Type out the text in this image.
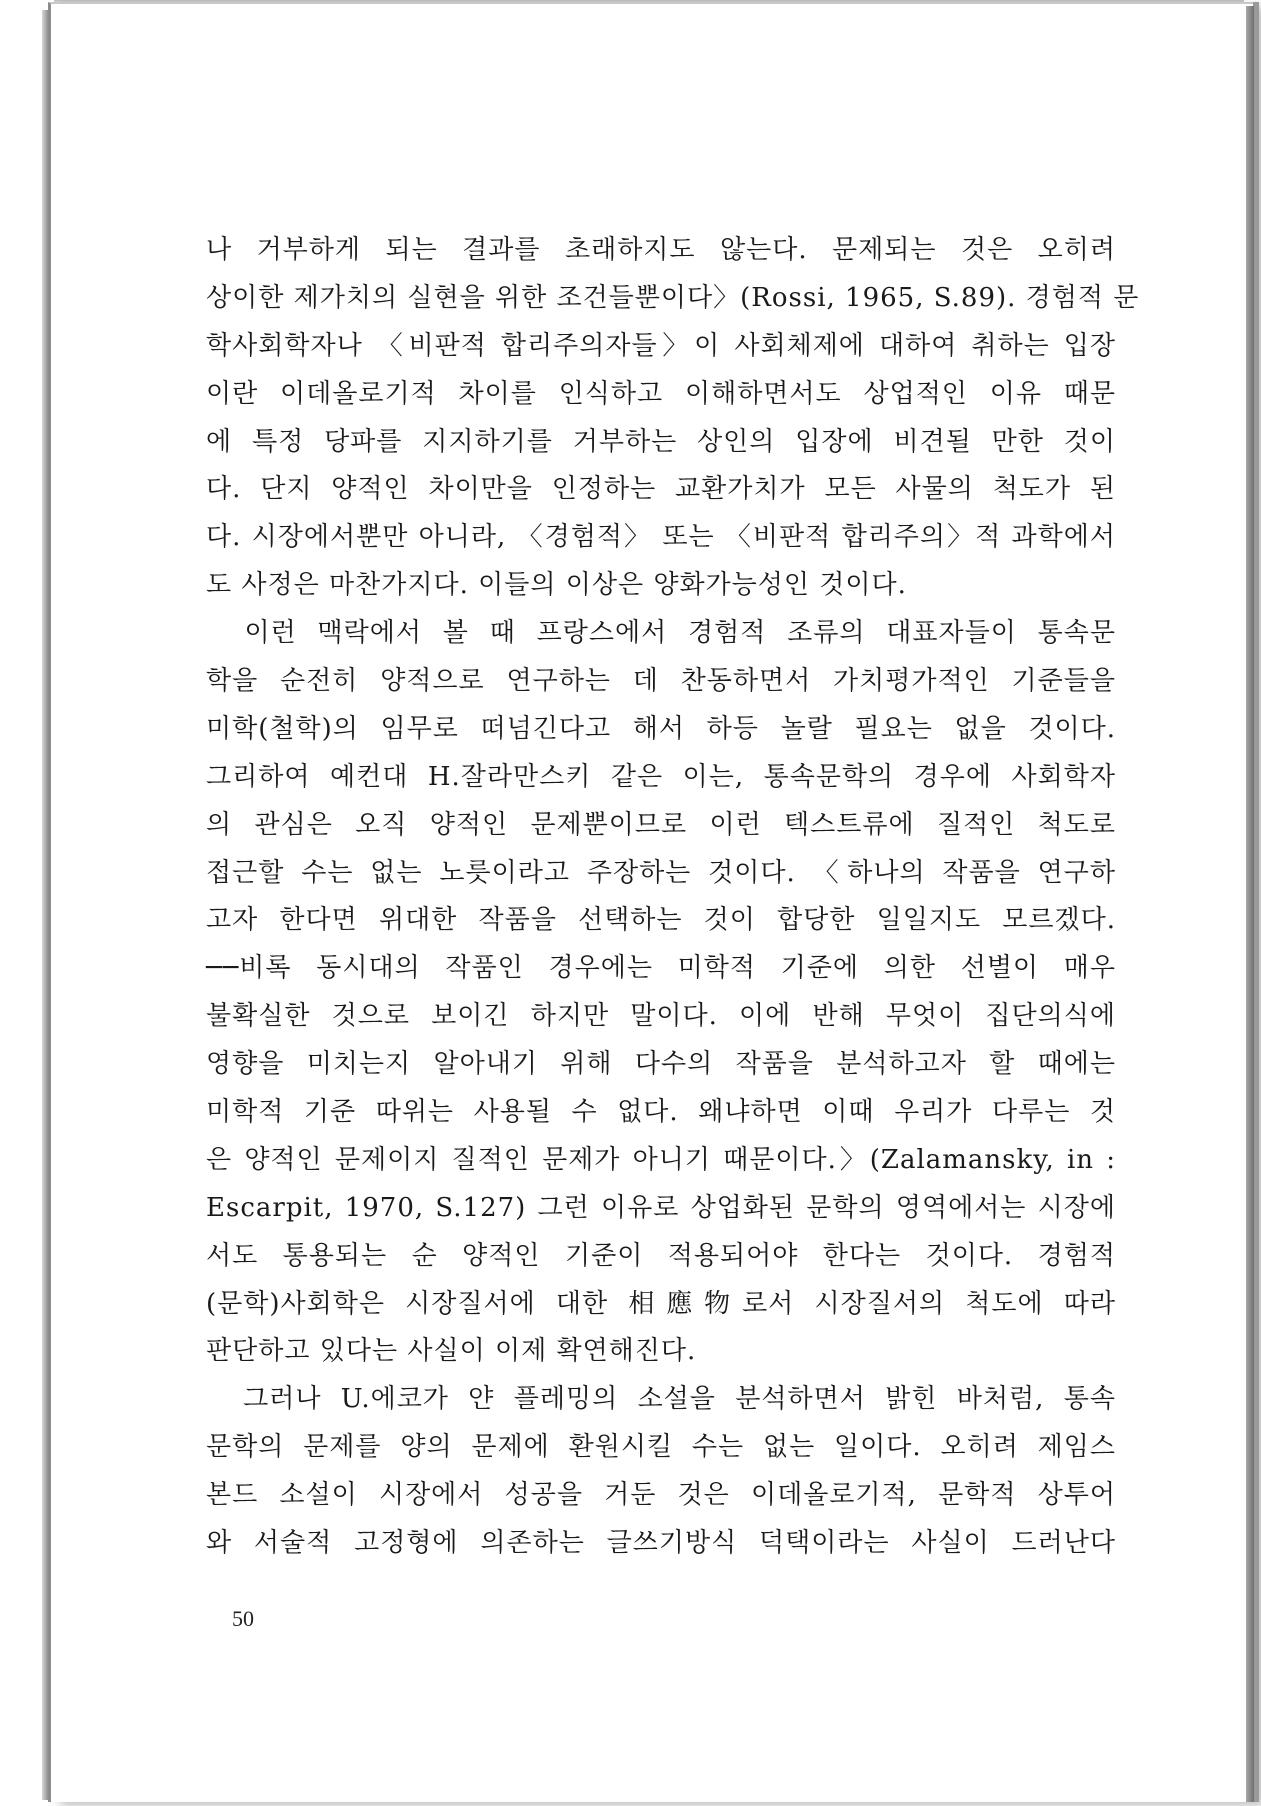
나 거부하게 되는 결과를 초래하지도 않는다. 문제되는 것은 오히려
상이한 제가치의 실현을 위한 조건들뿐이다〉(Rossi, 1965, S.89). 경험적 문
학사회학자나 〈비판적 합리주의자들〉이 사회체제에 대하여 취하는 입장
이란 이데올로기적 차이를 인식하고 이해하면서도 상업적인 이유 때문
에 특정 당파를 지지하기를 거부하는 상인의 입장에 비견될 만한 것이
다. 단지 양적인 차이만을 인정하는 교환가치가 모든 사물의 척도가 된
다. 시장에서뿐만 아니라, 〈경험적〉 또는 〈비판적 합리주의〉적 과학에서
도 사정은 마찬가지다. 이들의 이상은 양화가능성인 것이다.
　이런 맥락에서 볼 때 프랑스에서 경험적 조류의 대표자들이 통속문
학을 순전히 양적으로 연구하는 데 찬동하면서 가치평가적인 기준들을
미학(철학)의 임무로 떠넘긴다고 해서 하등 놀랄 필요는 없을 것이다.
그리하여 예컨대 H.잘라만스키 같은 이는, 통속문학의 경우에 사회학자
의 관심은 오직 양적인 문제뿐이므로 이런 텍스트류에 질적인 척도로
접근할 수는 없는 노릇이라고 주장하는 것이다. 〈하나의 작품을 연구하
고자 한다면 위대한 작품을 선택하는 것이 합당한 일일지도 모르겠다.
──비록 동시대의 작품인 경우에는 미학적 기준에 의한 선별이 매우
불확실한 것으로 보이긴 하지만 말이다. 이에 반해 무엇이 집단의식에
영향을 미치는지 알아내기 위해 다수의 작품을 분석하고자 할 때에는
미학적 기준 따위는 사용될 수 없다. 왜냐하면 이때 우리가 다루는 것
은 양적인 문제이지 질적인 문제가 아니기 때문이다.〉(Zalamansky, in :
Escarpit, 1970, S.127) 그런 이유로 상업화된 문학의 영역에서는 시장에
서도 통용되는 순 양적인 기준이 적용되어야 한다는 것이다. 경험적
(문학)사회학은 시장질서에 대한 相應物로서 시장질서의 척도에 따라
판단하고 있다는 사실이 이제 확연해진다.
　그러나 U.에코가 얀 플레밍의 소설을 분석하면서 밝힌 바처럼, 통속
문학의 문제를 양의 문제에 환원시킬 수는 없는 일이다. 오히려 제임스
본드 소설이 시장에서 성공을 거둔 것은 이데올로기적, 문학적 상투어
와 서술적 고정형에 의존하는 글쓰기방식 덕택이라는 사실이 드러난다
50
